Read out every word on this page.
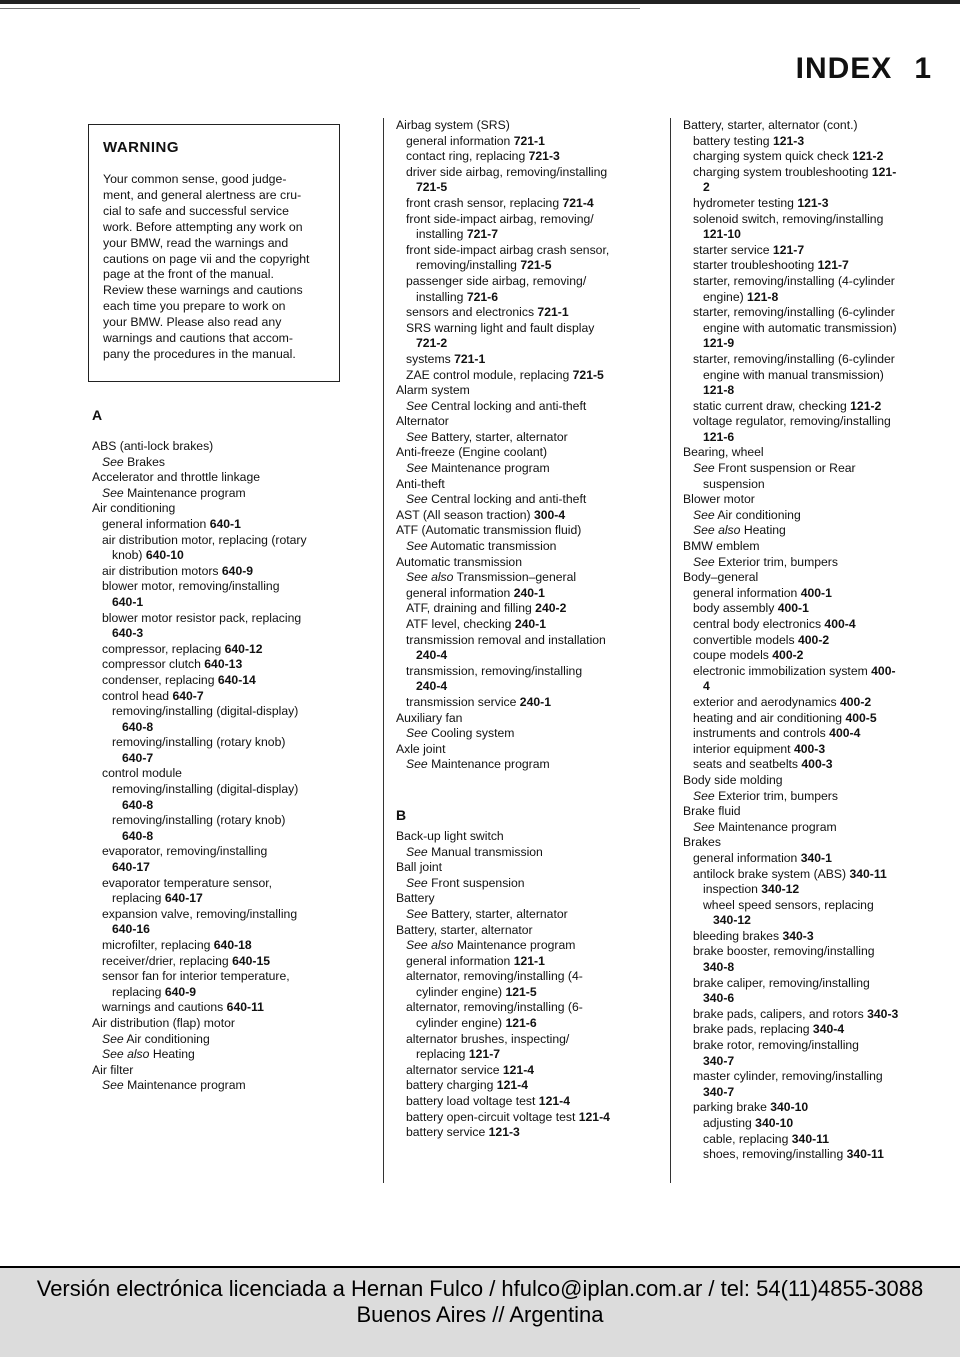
INDEX 1
WARNING

Your common sense, good judge-
ment, and general alertness are cru-
cial to safe and successful service
work. Before attempting any work on
your BMW, read the warnings and
cautions on page vii and the copyright
page at the front of the manual.
Review these warnings and cautions
each time you prepare to work on
your BMW. Please also read any
warnings and cautions that accom-
pany the procedures in the manual.

A
ABS (anti-lock brakes)
See Brakes
Accelerator and throttle linkage
See Maintenance program
Air conditioning
general information 640-1
air distribution motor, replacing (rotary
knob) 640-10
air distribution motors 640-9
blower motor, removing/installing
640-1
blower motor resistor pack, replacing
640-3
compressor, replacing 640-12
compressor clutch 640-13
condenser, replacing 640-14
control head 640-7
removing/installing (digital-display)
640-8
removing/installing (rotary knob)
640-7
control module
removing/installing (digital-display)
640-8
removing/installing (rotary knob)
640-8
evaporator, removing/installing
640-17
evaporator temperature sensor,
replacing 640-17
expansion valve, removing/installing
640-16
microfilter, replacing 640-18
receiver/drier, replacing 640-15
sensor fan for interior temperature,
replacing 640-9
warnings and cautions 640-11
Air distribution (flap) motor
See Air conditioning
See also Heating
Air filter
See Maintenance program
Airbag system (SRS)
general information 721-1
contact ring, replacing 721-3
driver side airbag, removing/installing
721-5
front crash sensor, replacing 721-4
front side-impact airbag, removing/
installing 721-7
front side-impact airbag crash sensor,
removing/installing 721-5
passenger side airbag, removing/
installing 721-6
sensors and electronics 721-1
SRS warning light and fault display
721-2
systems 721-1
ZAE control module, replacing 721-5
Alarm system
See Central locking and anti-theft
Alternator
See Battery, starter, alternator
Anti-freeze (Engine coolant)
See Maintenance program
Anti-theft
See Central locking and anti-theft
AST (All season traction) 300-4
ATF (Automatic transmission fluid)
See Automatic transmission
Automatic transmission
See also Transmission–general
general information 240-1
ATF, draining and filling 240-2
ATF level, checking 240-1
transmission removal and installation
240-4
transmission, removing/installing
240-4
transmission service 240-1
Auxiliary fan
See Cooling system
Axle joint
See Maintenance program
B
Back-up light switch
See Manual transmission
Ball joint
See Front suspension
Battery
See Battery, starter, alternator
Battery, starter, alternator
See also Maintenance program
general information 121-1
alternator, removing/installing (4-
cylinder engine) 121-5
alternator, removing/installing (6-
cylinder engine) 121-6
alternator brushes, inspecting/
replacing 121-7
alternator service 121-4
battery charging 121-4
battery load voltage test 121-4
battery open-circuit voltage test 121-4
battery service 121-3
Battery, starter, alternator (cont.)
battery testing 121-3
charging system quick check 121-2
charging system troubleshooting 121-
2
hydrometer testing 121-3
solenoid switch, removing/installing
121-10
starter service 121-7
starter troubleshooting 121-7
starter, removing/installing (4-cylinder
engine) 121-8
starter, removing/installing (6-cylinder
engine with automatic transmission)
121-9
starter, removing/installing (6-cylinder
engine with manual transmission)
121-8
static current draw, checking 121-2
voltage regulator, removing/installing
121-6
Bearing, wheel
See Front suspension or Rear
suspension
Blower motor
See Air conditioning
See also Heating
BMW emblem
See Exterior trim, bumpers
Body–general
general information 400-1
body assembly 400-1
central body electronics 400-4
convertible models 400-2
coupe models 400-2
electronic immobilization system 400-
4
exterior and aerodynamics 400-2
heating and air conditioning 400-5
instruments and controls 400-4
interior equipment 400-3
seats and seatbelts 400-3
Body side molding
See Exterior trim, bumpers
Brake fluid
See Maintenance program
Brakes
general information 340-1
antilock brake system (ABS) 340-11
inspection 340-12
wheel speed sensors, replacing
340-12
bleeding brakes 340-3
brake booster, removing/installing
340-8
brake caliper, removing/installing
340-6
brake pads, calipers, and rotors 340-3
brake pads, replacing 340-4
brake rotor, removing/installing
340-7
master cylinder, removing/installing
340-7
parking brake 340-10
adjusting 340-10
cable, replacing 340-11
shoes, removing/installing 340-11
Versión electrónica licenciada a Hernan Fulco / hfulco@iplan.com.ar / tel: 54(11)4855-3088
Buenos Aires // Argentina
